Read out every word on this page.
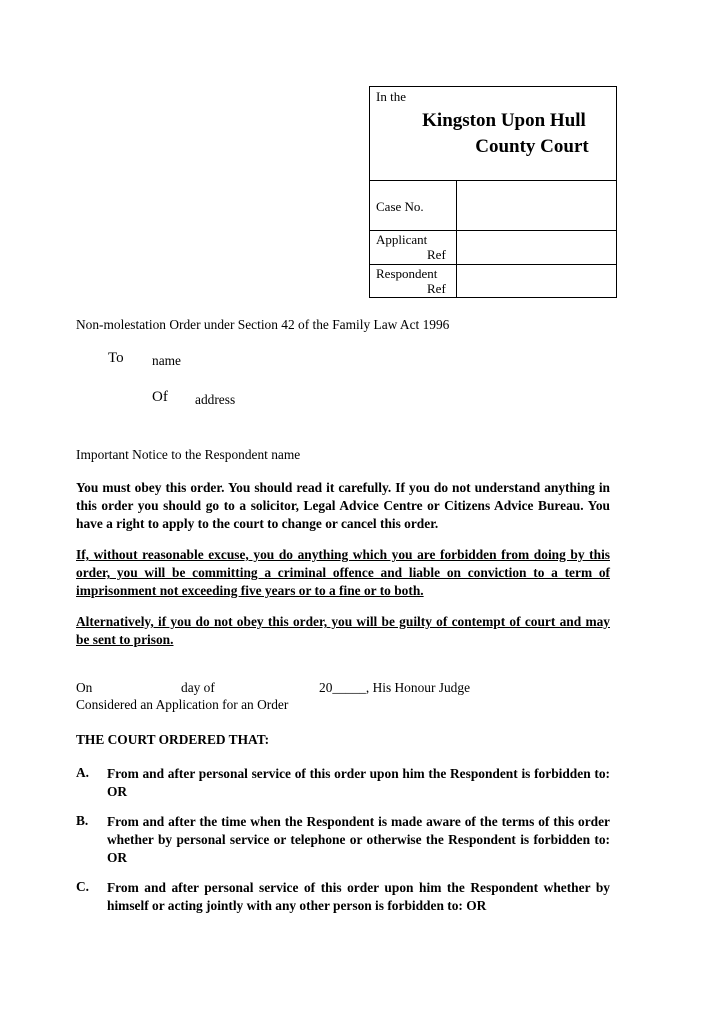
In the
Kingston Upon Hull
County Court
Case No.
Applicant
Ref
Respondent
Ref
Non-molestation Order under Section 42 of the Family Law Act 1996
To name
Of address
Important Notice to the Respondent name
You must obey this order. You should read it carefully. If you do not understand anything in this order you should go to a solicitor, Legal Advice Centre or Citizens Advice Bureau. You have a right to apply to the court to change or cancel this order.
If, without reasonable excuse, you do anything which you are forbidden from doing by this order, you will be committing a criminal offence and liable on conviction to a term of imprisonment not exceeding five years or to a fine or to both.
Alternatively, if you do not obey this order, you will be guilty of contempt of court and may be sent to prison.
On	day of	20_____, His Honour Judge
Considered an Application for an Order
THE COURT ORDERED THAT:
A. From and after personal service of this order upon him the Respondent is forbidden to: OR
B. From and after the time when the Respondent is made aware of the terms of this order whether by personal service or telephone or otherwise the Respondent is forbidden to: OR
C. From and after personal service of this order upon him the Respondent whether by himself or acting jointly with any other person is forbidden to: OR
